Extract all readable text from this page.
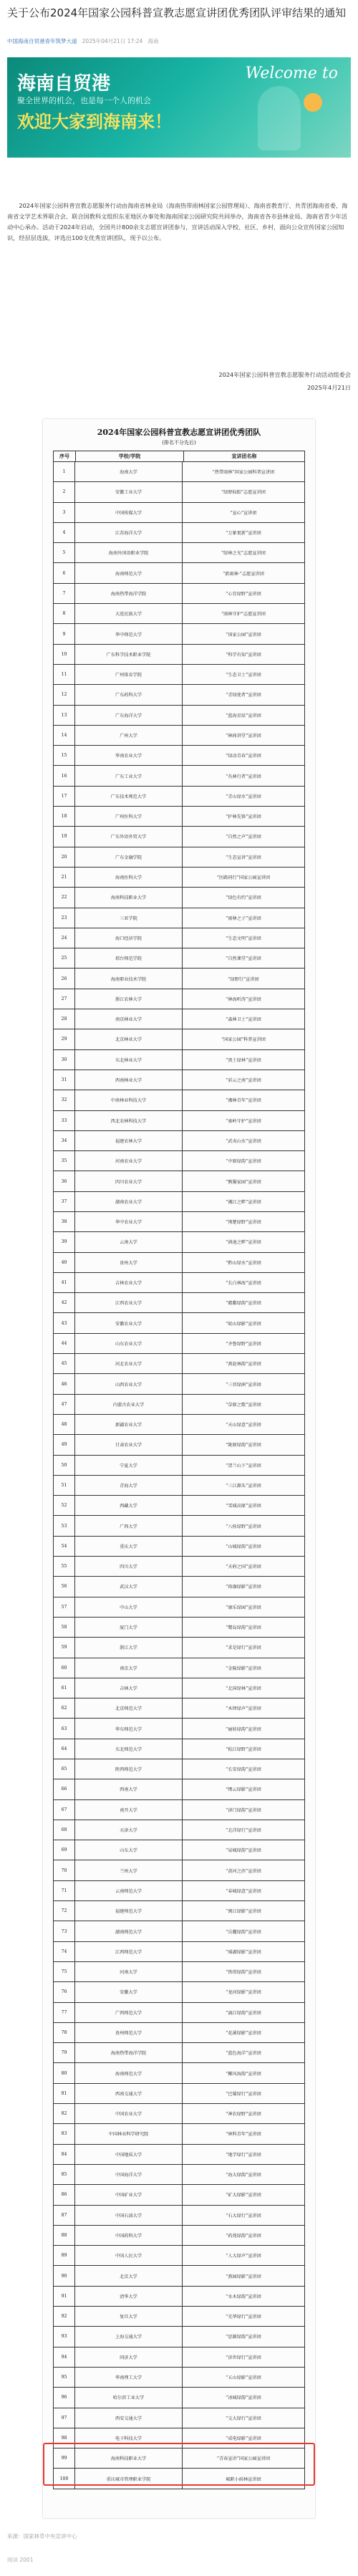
关于公布2024年国家公园科普宣教志愿宣讲团优秀团队评审结果的通知
中国海南自贸港青年筑梦大道 2025年04月21日 17:24 海南
海南自贸港
聚全世界的机会，也是每一个人的机会
欢迎大家到海南来！
Welcome to

2024年国家公园科普宣教志愿服务行动由海南省林业局（海南热带雨林国家公园管理局）、海南省教育厅、共青团海南省委、海南省文学艺术界联合会、联合国教科文组织东亚地区办事处和海南国家公园研究院共同举办，海南省各市县林业局、海南省青少年活动中心承办。活动于2024年启动，全国共计800余支志愿宣讲团参与，宣讲活动深入学校、社区、乡村，面向公众宣传国家公园知识，经层层选拔，评选出100支优秀宣讲团队，现予以公布。

2024年国家公园科普宣教志愿服务行动活动组委会
2025年4月21日
2024年国家公园科普宣教志愿宣讲团优秀团队
(排名不分先后)
序号	学校/学院	宣讲团名称
1	海南大学	“热带雨林”国家公园科普宣讲团
2	安徽工业大学	“绿野仙踪”志愿宣讲团
3	中国传媒大学	“宣心”宣讲团
4	江苏海洋大学	“万象更新”宣讲团
5	海南外国语职业学院	“绿林之光”志愿宣讲团
6	海南师范大学	“新雨林·”志愿宣讲团
7	海南热带海洋学院	“心宜绿野”宣讲团
8	大连民族大学	“雨林守护”志愿宣讲团
9	华中师范大学	“国家公园”宣讲团
10	广东科学技术职业学院	“科学有知”宣讲团
11	广州体育学院	“生态卫士”宣讲团
12	广东药科大学	“青绿使者”宣讲团
13	广东海洋大学	“蓝海星辰”宣讲团
14	广州大学	“林间讲堂”宣讲团
15	华南农业大学	“绿动青春”宣讲团
16	广东工业大学	“丛林行者”宣讲团
17	广东技术师范大学	“青山绿水”宣讲团
18	广州医科大学	“护林先锋”宣讲团
19	广东外语外贸大学	“自然之声”宣讲团
20	广东金融学院	“生态宣讲”宣讲团
21	海南医科大学	“医路同行”国家公园宣讲团
22	海南科技职业大学	“绿色有约”宣讲团
23	三亚学院	“雨林之子”宣讲团
24	海口经济学院	“生态文明”宣讲团
25	琼台师范学院	“自然课堂”宣讲团
26	海南职业技术学院	“绿野行”宣讲团
27	浙江农林大学	“林海听涛”宣讲团
28	南京林业大学	“森林卫士”宣讲团
29	北京林业大学	“国家公园”科普宣讲团
30	东北林业大学	“黑土绿林”宣讲团
31	西南林业大学	“彩云之南”宣讲团
32	中南林业科技大学	“湘林青年”宣讲团
33	西北农林科技大学	“秦岭守护”宣讲团
34	福建农林大学	“武夷山水”宣讲团
35	河南农业大学	“中原绿韵”宣讲团
36	四川农业大学	“熊猫家园”宣讲团
37	湖南农业大学	“湘江之畔”宣讲团
38	华中农业大学	“荆楚绿野”宣讲团
39	云南大学	“滇池之畔”宣讲团
40	贵州大学	“黔山绿水”宣讲团
41	吉林农业大学	“长白林海”宣讲团
42	江西农业大学	“赣鄱绿韵”宣讲团
43	安徽农业大学	“皖山绿影”宣讲团
44	山东农业大学	“齐鲁绿野”宣讲团
45	河北农业大学	“燕赵林韵”宣讲团
46	山西农业大学	“三晋绿洲”宣讲团
47	内蒙古农业大学	“草原之歌”宣讲团
48	新疆农业大学	“天山绿意”宣讲团
49	甘肃农业大学	“陇原绿韵”宣讲团
50	宁夏大学	“贺兰山下”宣讲团
51	青海大学	“三江源头”宣讲团
52	西藏大学	“雪域高原”宣讲团
53	广西大学	“八桂绿野”宣讲团
54	重庆大学	“山城绿韵”宣讲团
55	四川大学	“天府之国”宣讲团
56	武汉大学	“珞珈绿影”宣讲团
57	中山大学	“康乐绿园”宣讲团
58	厦门大学	“鹭岛绿韵”宣讲团
59	浙江大学	“求是绿行”宣讲团
60	南京大学	“金陵绿影”宣讲团
61	吉林大学	“北国绿林”宣讲团
62	北京师范大学	“木铎绿声”宣讲团
63	华东师范大学	“丽娃绿韵”宣讲团
64	东北师范大学	“松江绿野”宣讲团
65	陕西师范大学	“长安绿韵”宣讲团
66	西南大学	“缙云绿影”宣讲团
67	南开大学	“津门绿韵”宣讲团
68	天津大学	“北洋绿行”宣讲团
69	山东大学	“泉城绿韵”宣讲团
70	兰州大学	“黄河之滨”宣讲团
71	云南师范大学	“春城绿意”宣讲团
72	福建师范大学	“闽江绿影”宣讲团
73	湖南师范大学	“岳麓绿韵”宣讲团
74	江西师范大学	“瑶湖绿影”宣讲团
75	河南大学	“铁塔绿韵”宣讲团
76	安徽大学	“龙河绿影”宣讲团
77	广西师范大学	“漓江绿韵”宣讲团
78	贵州师范大学	“花溪绿影”宣讲团
79	海南热带海洋学院	“蓝色海洋”宣讲团
80	海南师范大学	“椰风海韵”宣讲团
81	西南交通大学	“巴蜀绿行”宣讲团
82	中国农业大学	“神农绿野”宣讲团
83	中国林业科学研究院	“林科青年”宣讲团
84	中国地质大学	“地学绿行”宣讲团
85	中国海洋大学	“海大绿韵”宣讲团
86	中国矿业大学	“矿大绿影”宣讲团
87	中国石油大学	“石大绿行”宣讲团
88	中国药科大学	“药苑绿韵”宣讲团
89	中国人民大学	“人大绿声”宣讲团
90	北京大学	“燕园绿影”宣讲团
91	清华大学	“水木绿韵”宣讲团
92	复旦大学	“光华绿行”宣讲团
93	上海交通大学	“思源绿韵”宣讲团
94	同济大学	“济世绿行”宣讲团
95	华南理工大学	“五山绿影”宣讲团
96	哈尔滨工业大学	“冰城绿韵”宣讲团
97	西安交通大学	“交大绿行”宣讲团
98	电子科技大学	“成电绿影”宣讲团
99	海南科技职业大学	“青春宣讲”国家公园宣讲团
100	重庆城市管理职业学院	城职小雨林宣讲团
来源：国家林草中央宣讲中心
阅读 2001
